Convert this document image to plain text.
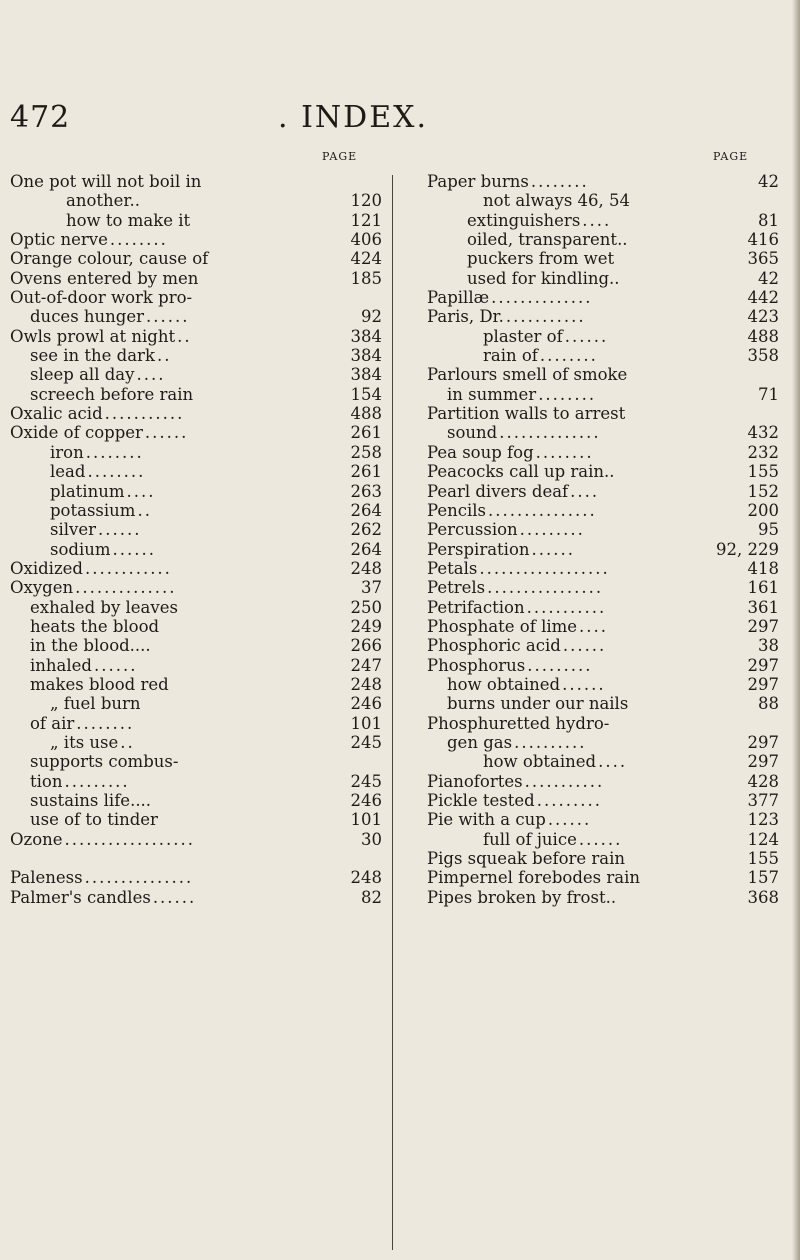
472	. INDEX.
PAGE
One pot will not boil in
another..	120
how to make it	121
Optic nerve ........	406
Orange colour, cause of	424
Ovens entered by men	185
Out-of-door work pro-
duces hunger ......	92
Owls prowl at night ..	384
see in the dark ..	384
sleep all day ....	384
screech before rain	154
Oxalic acid ...........	488
Oxide of copper ......	261
iron ........	258
lead ........	261
platinum ....	263
potassium ..	264
silver ......	262
sodium ......	264
Oxidized ............	248
Oxygen ..............	37
exhaled by leaves	250
heats the blood	249
in the blood....	266
inhaled ......	247
makes blood red	248
„ fuel burn	246
of air ........	101
„ its use ..	245
supports combus-
tion .........	245
sustains life....	246
use of to tinder	101
Ozone ..................	30
Paleness ...............	248
Palmer's candles ......	82
PAGE
Paper burns ........	42
not always 46, 54
extinguishers ....	81
oiled, transparent..	416
puckers from wet	365
used for kindling..	42
Papillæ ..............	442
Paris, Dr. ...........	423
plaster of ......	488
rain of ........	358
Parlours smell of smoke
in summer ........	71
Partition walls to arrest
sound ..............	432
Pea soup fog ........	232
Peacocks call up rain..	155
Pearl divers deaf ....	152
Pencils ...............	200
Percussion .........	95
Perspiration ......	92, 229
Petals ..................	418
Petrels ................	161
Petrifaction ...........	361
Phosphate of lime ....	297
Phosphoric acid ......	38
Phosphorus .........	297
how obtained ......	297
burns under our nails	88
Phosphuretted hydro-
gen gas ..........	297
how obtained ....	297
Pianofortes ...........	428
Pickle tested .........	377
Pie with a cup ......	123
full of juice ......	124
Pigs squeak before rain	155
Pimpernel forebodes rain	157
Pipes broken by frost..	368
